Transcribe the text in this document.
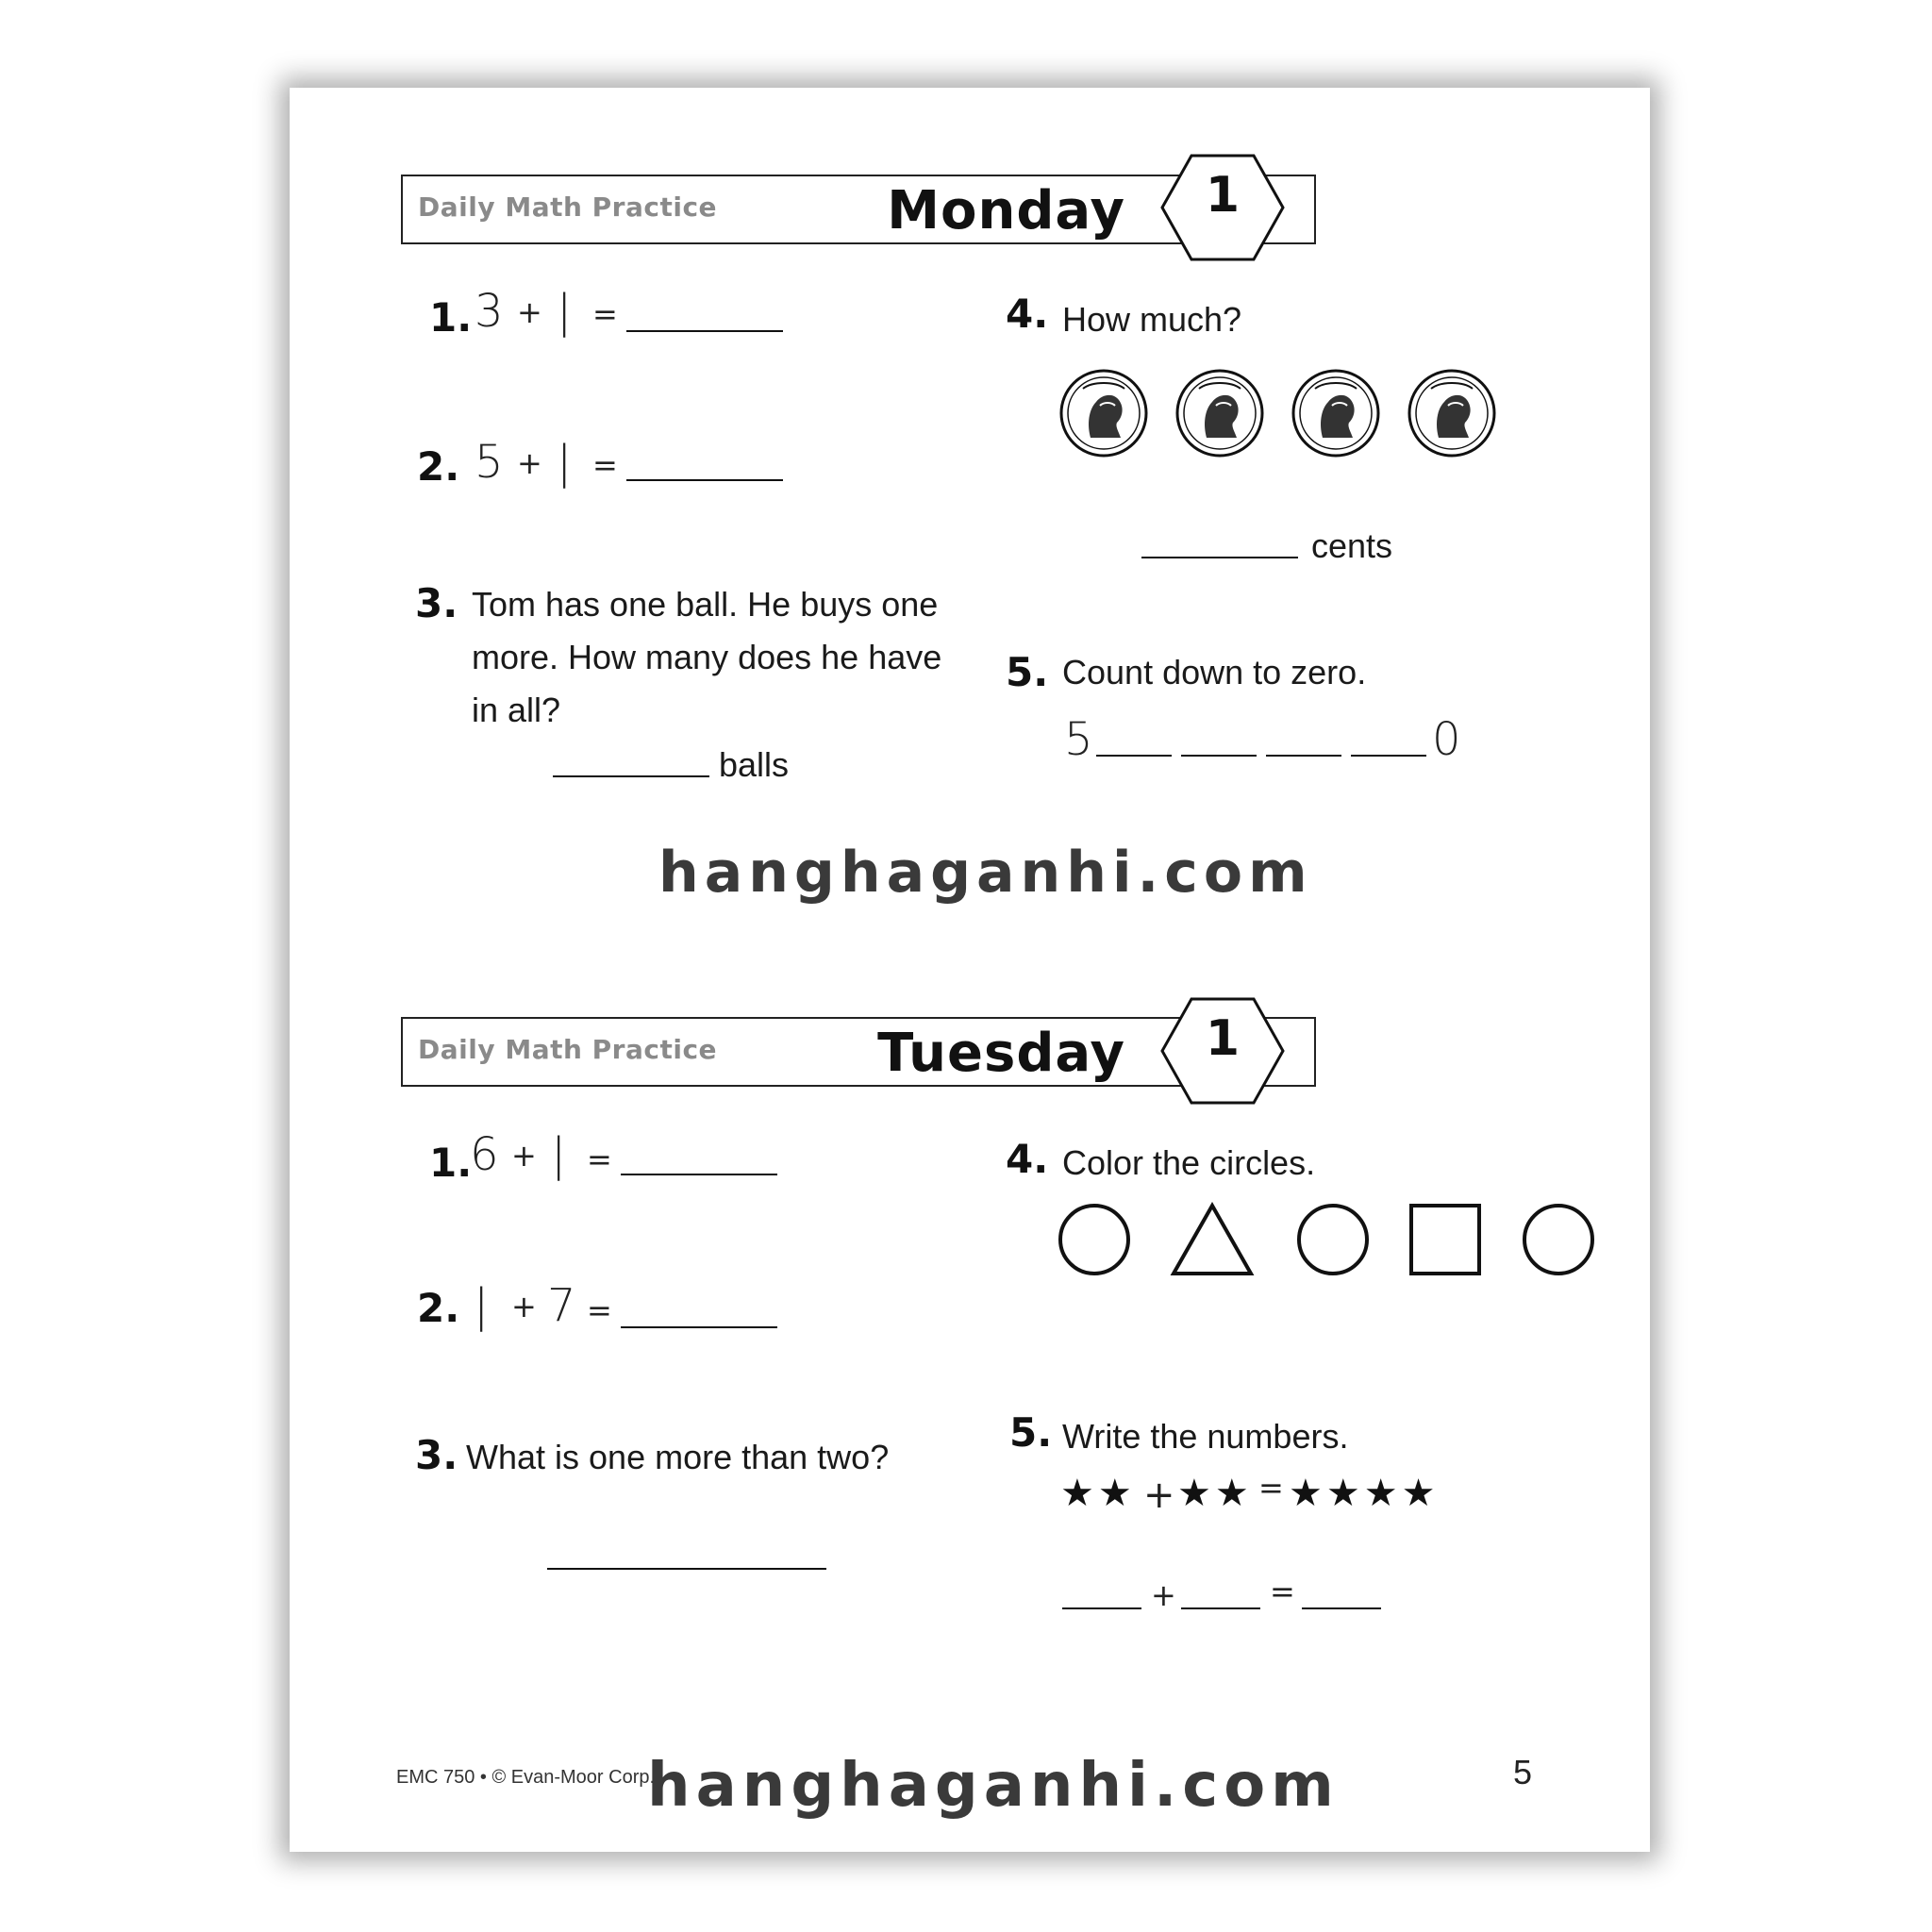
Daily Math Practice	Monday	1
1. 3 + | =
2. 5 + | =
3. Tom has one ball. He buys one
more. How many does he have
in all?
balls
4. How much?
cents
5. Count down to zero.
5	0
hanghaganhi.com
Daily Math Practice	Tuesday	1
1.
6 + | =
2. | + 7 =
3. What is one more than two?
4. Color the circles.
5. Write the numbers.
★★ + ★★ = ★★★★
+	=
EMC 750 • © Evan-Moor Corp.
hanghaganhi.com	5
